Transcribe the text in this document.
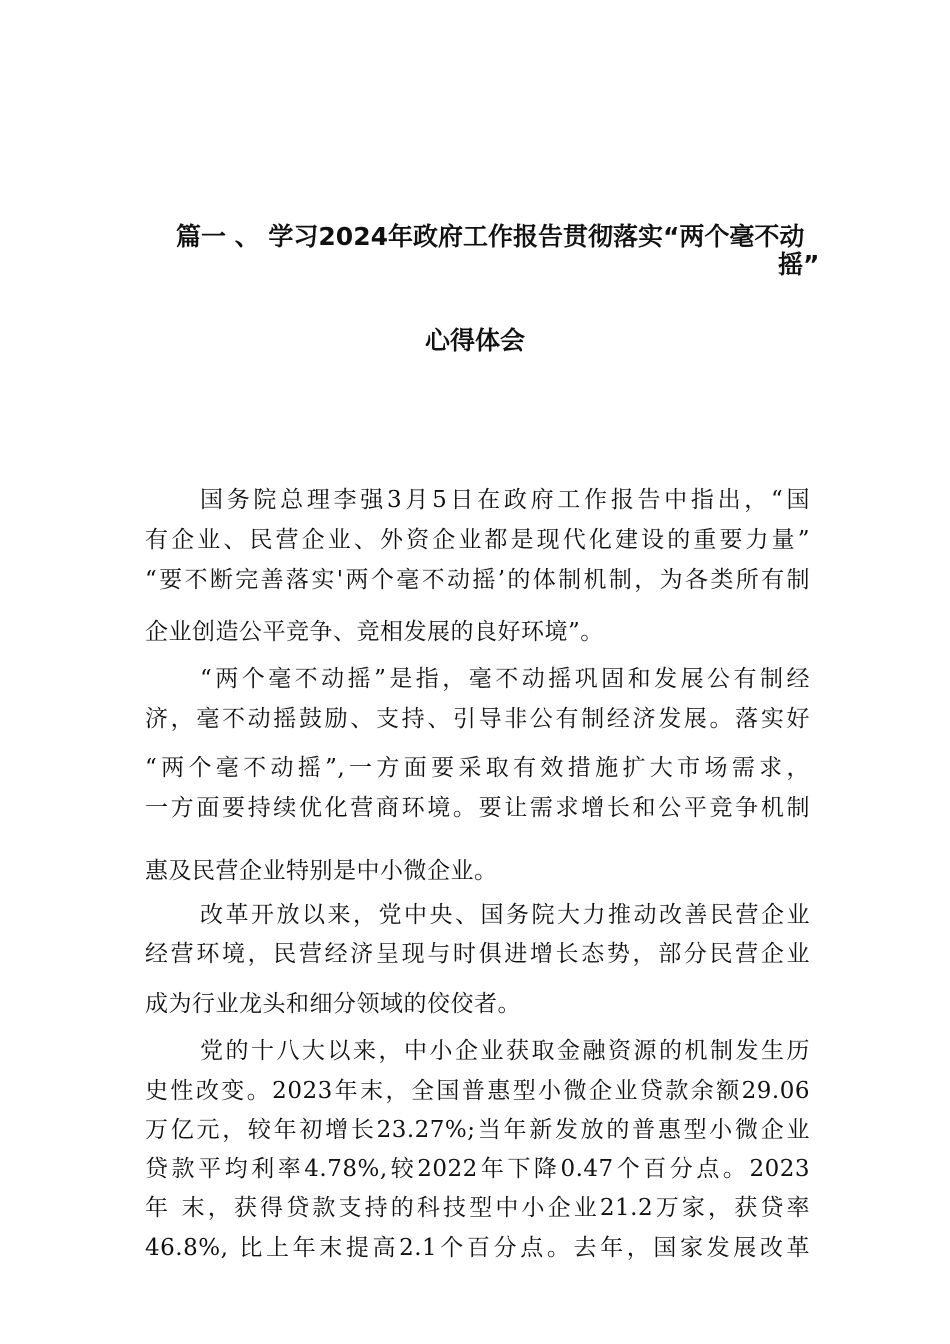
篇一 、 学习2024年政府工作报告贯彻落实“两个毫不动
摇”
心得体会
国务院总理李强3月5日在政府工作报告中指出，“国
有企业、民营企业、外资企业都是现代化建设的重要力量”
“要不断完善落实'两个毫不动摇’的体制机制，为各类所有制
企业创造公平竞争、竞相发展的良好环境”。
“两个毫不动摇”是指，毫不动摇巩固和发展公有制经
济，毫不动摇鼓励、支持、引导非公有制经济发展。落实好
“两个毫不动摇”,一方面要采取有效措施扩大市场需求，
一方面要持续优化营商环境。要让需求增长和公平竞争机制
惠及民营企业特别是中小微企业。
改革开放以来，党中央、国务院大力推动改善民营企业
经营环境，民营经济呈现与时俱进增长态势，部分民营企业
成为行业龙头和细分领域的佼佼者。
党的十八大以来，中小企业获取金融资源的机制发生历
史性改变。2023年末，全国普惠型小微企业贷款余额29.06
万亿元，较年初增长23.27%;当年新发放的普惠型小微企业
贷款平均利率4.78%,较2022年下降0.47个百分点。2023
年 末，获得贷款支持的科技型中小企业21.2万家，获贷率
46.8%, 比上年末提高2.1个百分点。去年，国家发展改革
